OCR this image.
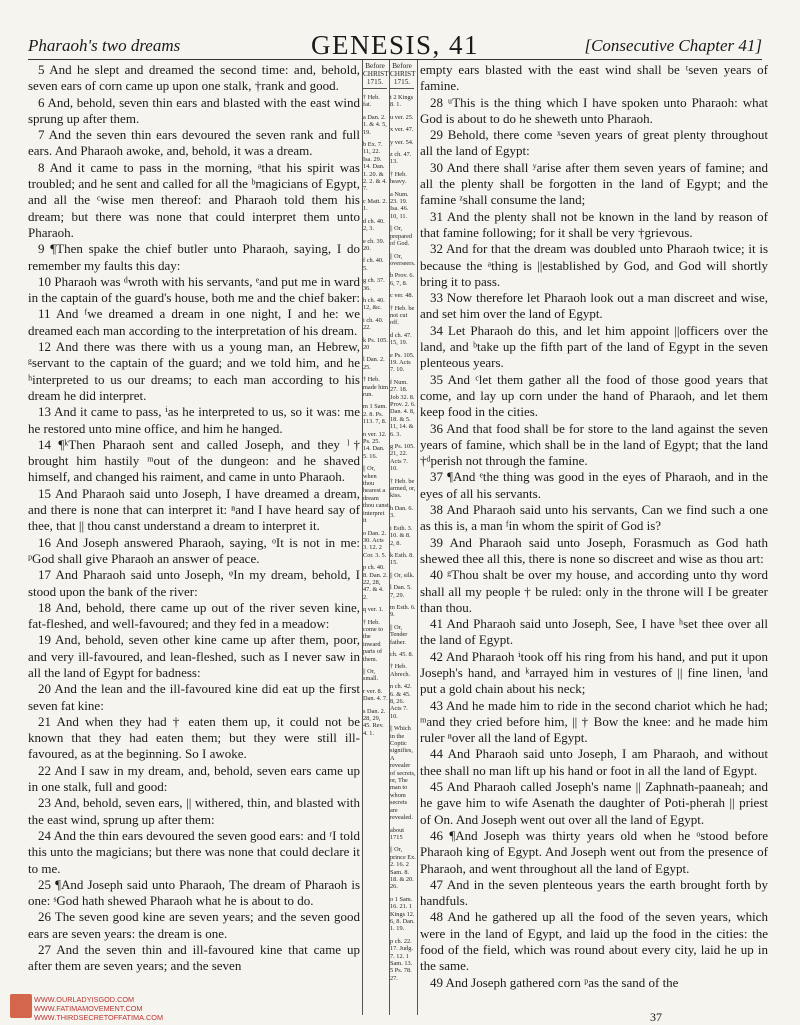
Pharaoh's two dreams	GENESIS, 41	[Consecutive Chapter 41]

5 And he slept and dreamed the second time: and, behold, seven ears of corn came up upon one stalk, †rank and good.

6 And, behold, seven thin ears and blasted with the east wind sprung up after them.

7 And the seven thin ears devoured the seven rank and full ears. And Pharaoh awoke, and, behold, it was a dream.

8 And it came to pass in the morning, ᵃthat his spirit was troubled; and he sent and called for all the ᵇmagicians of Egypt, and all the ᶜwise men thereof: and Pharaoh told them his dream; but there was none that could interpret them unto Pharaoh.

9 ¶Then spake the chief butler unto Pharaoh, saying, I do remember my faults this day:

10 Pharaoh was ᵈwroth with his servants, ᵉand put me in ward in the captain of the guard's house, both me and the chief baker:

11 And ᶠwe dreamed a dream in one night, I and he: we dreamed each man according to the interpretation of his dream.

12 And there was there with us a young man, an Hebrew, ᵍservant to the captain of the guard; and we told him, and he ʰinterpreted to us our dreams; to each man according to his dream he did interpret.

13 And it came to pass, ⁱas he interpreted to us, so it was: me he restored unto mine office, and him he hanged.

14 ¶ᵏThen Pharaoh sent and called Joseph, and they ˡ† brought him hastily ᵐout of the dungeon: and he shaved himself, and changed his raiment, and came in unto Pharaoh.

15 And Pharaoh said unto Joseph, I have dreamed a dream, and there is none that can interpret it: ⁿand I have heard say of thee, that || thou canst understand a dream to interpret it.

16 And Joseph answered Pharaoh, saying, ᵒIt is not in me: ᵖGod shall give Pharaoh an answer of peace.

17 And Pharaoh said unto Joseph, ᵠIn my dream, behold, I stood upon the bank of the river:

18 And, behold, there came up out of the river seven kine, fat-fleshed, and well-favoured; and they fed in a meadow:

19 And, behold, seven other kine came up after them, poor, and very ill-favoured, and lean-fleshed, such as I never saw in all the land of Egypt for badness:

20 And the lean and the ill-favoured kine did eat up the first seven fat kine:

21 And when they had † eaten them up, it could not be known that they had eaten them; but they were still ill-favoured, as at the beginning. So I awoke.

22 And I saw in my dream, and, behold, seven ears came up in one stalk, full and good:

23 And, behold, seven ears, || withered, thin, and blasted with the east wind, sprung up after them:

24 And the thin ears devoured the seven good ears: and ʳI told this unto the magicians; but there was none that could declare it to me.

25 ¶And Joseph said unto Pharaoh, The dream of Pharaoh is one: ˢGod hath shewed Pharaoh what he is about to do.

26 The seven good kine are seven years; and the seven good ears are seven years: the dream is one.

27 And the seven thin and ill-favoured kine that came up after them are seven years; and the seven

Before CHRIST 1715.
† Heb. fat.
a Dan. 2. 1. & 4. 5, 19.
b Ex. 7. 11, 22. Isa. 29. 14. Dan. 1. 20. & 2. 2. & 4. 7.
c Matt. 2. 1.
d ch. 40. 2, 3.
e ch. 39. 20.
f ch. 40. 5.
g ch. 37. 36.
h ch. 40. 12, &c.
i ch. 40. 22.
k Ps. 105. 20
l Dan. 2. 25.
† Heb. made him run.
m 1 Sam. 2. 8. Ps. 113. 7, 8.
n ver. 12. Ps. 25. 14. Dan. 5. 16.
|| Or, when thou hearest a dream thou canst interpret it
o Dan. 2. 30. Acts 3. 12. 2 Cor. 3. 5.
p ch. 40. 8. Dan. 2. 22, 28, 47. & 4. 2.
q ver. 1.
† Heb. come to the inward parts of them.
|| Or, small.
r ver. 8. Dan. 4. 7.
s Dan. 2. 28, 29, 45. Rev. 4. 1.
Before CHRIST 1715.
t 2 Kings 8. 1.
u ver. 25.
x ver. 47.
y ver. 54.
z ch. 47. 13.
† Heb. heavy.
a Num. 23. 19. Isa. 46. 10, 11.
|| Or, prepared of God.
|| Or, overseers.
b Prov. 6. 6, 7, 8.
c ver. 48.
† Heb. be not cut off.
d ch. 47. 15, 19.
e Ps. 105. 19. Acts 7. 10.
f Num. 27. 18. Job 32. 8. Prov. 2. 6. Dan. 4. 8, 18. & 5. 11, 14. & 6. 3.
g Ps. 105. 21, 22. Acts 7. 10.
† Heb. be armed, or, kiss.
h Dan. 6. 3.
i Esth. 3. 10. & 8. 2, 8.
k Esth. 8. 15.
|| Or, silk.
l Dan. 5. 7, 29.
m Esth. 6. 9.
|| Or, Tender father.
ch. 45. 8.
† Heb. Abrech.
n ch. 42. 6. & 45. 8, 26. Acts 7. 10.
|| Which in the Coptic signifies, A revealer of secrets, or, The man to whom secrets are revealed.
about 1715
|| Or, prince Ex. 2. 16. 2 Sam. 8. 18. & 20. 26.
o 1 Sam. 16. 21. 1 Kings 12. 6, 8. Dan. 1. 19.
p ch. 22. 17. Judg. 7. 12. 1 Sam. 13. 5 Ps. 78. 27.

empty ears blasted with the east wind shall be ᵗseven years of famine.

28 ᵘThis is the thing which I have spoken unto Pharaoh: what God is about to do he sheweth unto Pharaoh.

29 Behold, there come ˣseven years of great plenty throughout all the land of Egypt:

30 And there shall ʸarise after them seven years of famine; and all the plenty shall be forgotten in the land of Egypt; and the famine ᶻshall consume the land;

31 And the plenty shall not be known in the land by reason of that famine following; for it shall be very †grievous.

32 And for that the dream was doubled unto Pharaoh twice; it is because the ᵃthing is ||established by God, and God will shortly bring it to pass.

33 Now therefore let Pharaoh look out a man discreet and wise, and set him over the land of Egypt.

34 Let Pharaoh do this, and let him appoint ||officers over the land, and ᵇtake up the fifth part of the land of Egypt in the seven plenteous years.

35 And ᶜlet them gather all the food of those good years that come, and lay up corn under the hand of Pharaoh, and let them keep food in the cities.

36 And that food shall be for store to the land against the seven years of famine, which shall be in the land of Egypt; that the land †ᵈperish not through the famine.

37 ¶And ᵉthe thing was good in the eyes of Pharaoh, and in the eyes of all his servants.

38 And Pharaoh said unto his servants, Can we find such a one as this is, a man ᶠin whom the spirit of God is?

39 And Pharaoh said unto Joseph, Forasmuch as God hath shewed thee all this, there is none so discreet and wise as thou art:

40 ᵍThou shalt be over my house, and according unto thy word shall all my people † be ruled: only in the throne will I be greater than thou.

41 And Pharaoh said unto Joseph, See, I have ʰset thee over all the land of Egypt.

42 And Pharaoh ⁱtook off his ring from his hand, and put it upon Joseph's hand, and ᵏarrayed him in vestures of || fine linen, ˡand put a gold chain about his neck;

43 And he made him to ride in the second chariot which he had; ᵐand they cried before him, || † Bow the knee: and he made him ruler ⁿover all the land of Egypt.

44 And Pharaoh said unto Joseph, I am Pharaoh, and without thee shall no man lift up his hand or foot in all the land of Egypt.

45 And Pharaoh called Joseph's name || Zaphnath-paaneah; and he gave him to wife Asenath the daughter of Poti-pherah || priest of On. And Joseph went out over all the land of Egypt.

46 ¶And Joseph was thirty years old when he ᵒstood before Pharaoh king of Egypt. And Joseph went out from the presence of Pharaoh, and went throughout all the land of Egypt.

47 And in the seven plenteous years the earth brought forth by handfuls.

48 And he gathered up all the food of the seven years, which were in the land of Egypt, and laid up the food in the cities: the food of the field, which was round about every city, laid he up in the same.

49 And Joseph gathered corn ᵖas the sand of the

37
WWW.OURLADYISGOD.COM
WWW.FATIMAMOVEMENT.COM
WWW.THIRDSECRETOFFATIMA.COM
